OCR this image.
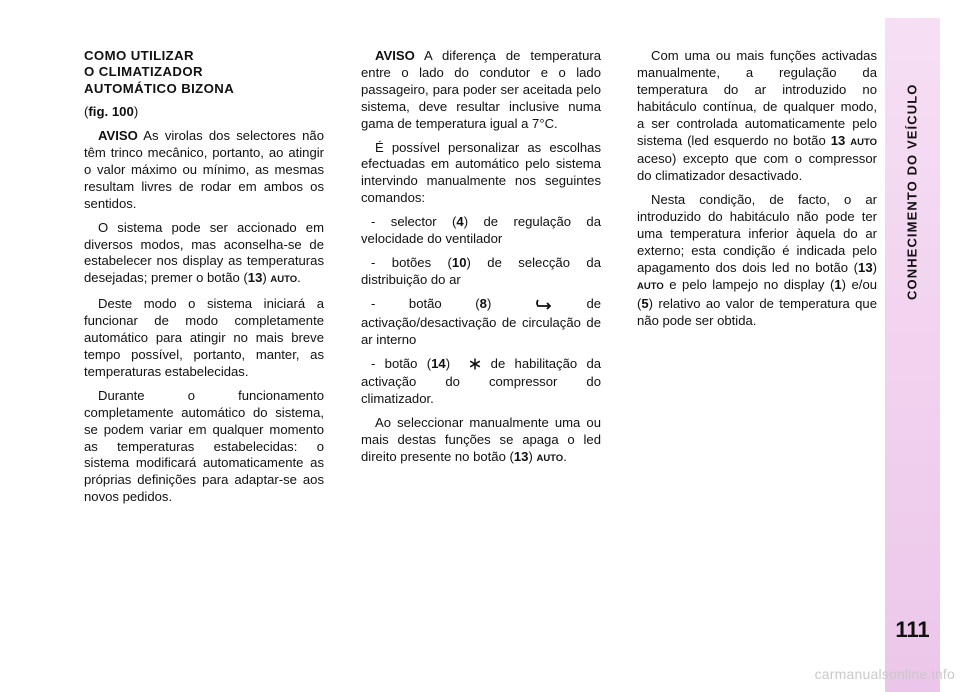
COMO UTILIZAR
O CLIMATIZADOR
AUTOMÁTICO BIZONA

(fig. 100)

AVISO As virolas dos selectores não têm trinco mecânico, portanto, ao atingir o valor máximo ou mínimo, as mesmas resultam livres de rodar em ambos os sentidos.

O sistema pode ser accionado em diversos modos, mas aconselha-se de estabelecer nos display as temperaturas desejadas; premer o botão (13) AUTO.

Deste modo o sistema iniciará a funcionar de modo completamente automático para atingir no mais breve tempo possível, portanto, manter, as temperaturas estabelecidas.

Durante o funcionamento completamente automático do sistema, se podem variar em qualquer momento as temperaturas estabelecidas: o sistema modificará automaticamente as próprias definições para adaptar-se aos novos pedidos.

AVISO A diferença de temperatura entre o lado do condutor e o lado passageiro, para poder ser aceitada pelo sistema, deve resultar inclusive numa gama de temperatura igual a 7°C.

É possível personalizar as escolhas efectuadas em automático pelo sistema intervindo manualmente nos seguintes comandos:

- selector (4) de regulação da velocidade do ventilador

- botões (10) de selecção da distribuição do ar

- botão (8)  de activação/desactivação de circulação de ar interno

- botão (14)  de habilitação da activação do compressor do climatizador.

Ao seleccionar manualmente uma ou mais destas funções se apaga o led direito presente no botão (13) AUTO.

Com uma ou mais funções activadas manualmente, a regulação da temperatura do ar introduzido no habitáculo contínua, de qualquer modo, a ser controlada automaticamente pelo sistema (led esquerdo no botão 13 AUTO aceso) excepto que com o compressor do climatizador desactivado.

Nesta condição, de facto, o ar introduzido do habitáculo não pode ter uma temperatura inferior àquela do ar externo; esta condição é indicada pelo apagamento dos dois led no botão (13) AUTO e pelo lampejo no display (1) e/ou (5) relativo ao valor de temperatura que não pode ser obtida.

CONHECIMENTO DO VEÍCULO
111
carmanualsonline.info
